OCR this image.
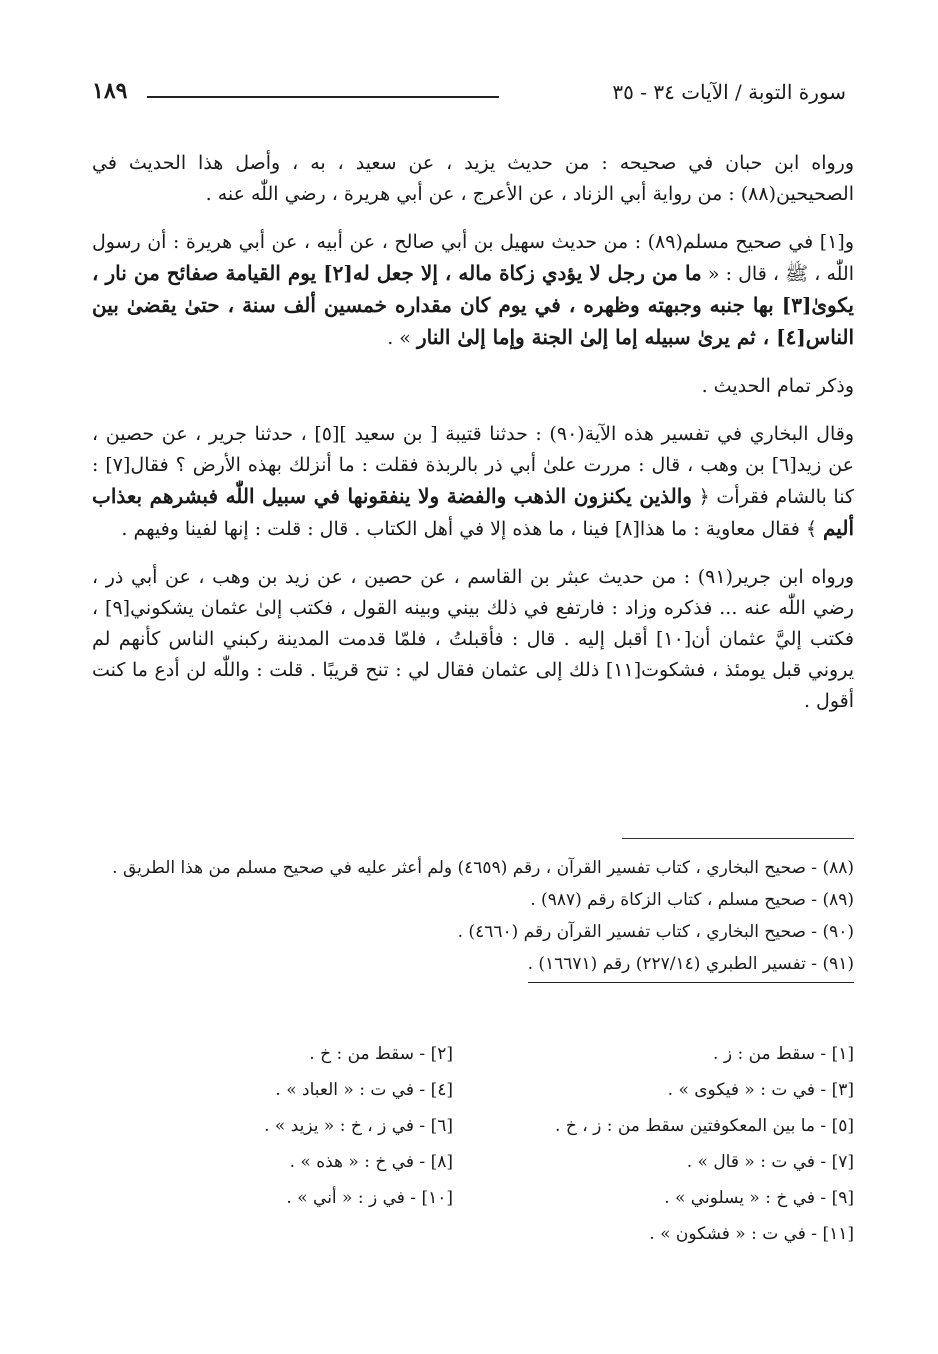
١٨٩	سورة التوبة / الآيات ٣٤ - ٣٥

ورواه ابن حبان في صحيحه : من حديث يزيد ، عن سعيد ، به ، وأصل هذا الحديث في الصحيحين(٨٨) : من رواية أبي الزناد ، عن الأعرج ، عن أبي هريرة ، رضي اللّٰه عنه .

و[١] في صحيح مسلم(٨٩) : من حديث سهيل بن أبي صالح ، عن أبيه ، عن أبي هريرة : أن رسول اللّٰه ، ﷺ ، قال : « ما من رجل لا يؤدي زكاة ماله ، إلا جعل له[٢] يوم القيامة صفائح من نار ، يكوىٰ[٣] بها جنبه وجبهته وظهره ، في يوم كان مقداره خمسين ألف سنة ، حتىٰ يقضىٰ بين الناس[٤] ، ثم يرىٰ سبيله إما إلىٰ الجنة وإما إلىٰ النار » .

وذكر تمام الحديث .

وقال البخاري في تفسير هذه الآية(٩٠) : حدثنا قتيبة [ بن سعيد ][٥] ، حدثنا جرير ، عن حصين ، عن زيد[٦] بن وهب ، قال : مررت علىٰ أبي ذر بالربذة فقلت : ما أنزلك بهذه الأرض ؟ فقال[٧] : كنا بالشام فقرأت ﴿ والذين يكنزون الذهب والفضة ولا ينفقونها في سبيل اللّٰه فبشرهم بعذاب أليم ﴾ فقال معاوية : ما هذا[٨] فينا ، ما هذه إلا في أهل الكتاب . قال : قلت : إنها لفينا وفيهم .

ورواه ابن جرير(٩١) : من حديث عبثر بن القاسم ، عن حصين ، عن زيد بن وهب ، عن أبي ذر ، رضي اللّٰه عنه ... فذكره وزاد : فارتفع في ذلك بيني وبينه القول ، فكتب إلىٰ عثمان يشكوني[٩] ، فكتب إليَّ عثمان أن[١٠] أقبل إليه . قال : فأقبلتُ ، فلمّا قدمت المدينة ركبني الناس كأنهم لم يروني قبل يومئذ ، فشكوت[١١] ذلك إلى عثمان فقال لي : تنح قريبًا . قلت : واللّٰه لن أدع ما كنت أقول .

(٨٨) - صحيح البخاري ، كتاب تفسير القرآن ، رقم (٤٦٥٩) ولم أعثر عليه في صحيح مسلم من هذا الطريق .

(٨٩) - صحيح مسلم ، كتاب الزكاة رقم (٩٨٧) .

(٩٠) - صحيح البخاري ، كتاب تفسير القرآن رقم (٤٦٦٠) .

(٩١) - تفسير الطبري (٢٢٧/١٤) رقم (١٦٦٧١) .

[١] - سقط من : ز .

[٢] - سقط من : خ .

[٣] - في ت : « فيكوى » .

[٤] - في ت : « العباد » .

[٥] - ما بين المعكوفتين سقط من : ز ، خ .

[٦] - في ز ، خ : « يزيد » .

[٧] - في ت : « قال » .

[٨] - في خ : « هذه » .

[٩] - في خ : « يسلوني » .

[١٠] - في ز : « أني » .

[١١] - في ت : « فشكون » .
